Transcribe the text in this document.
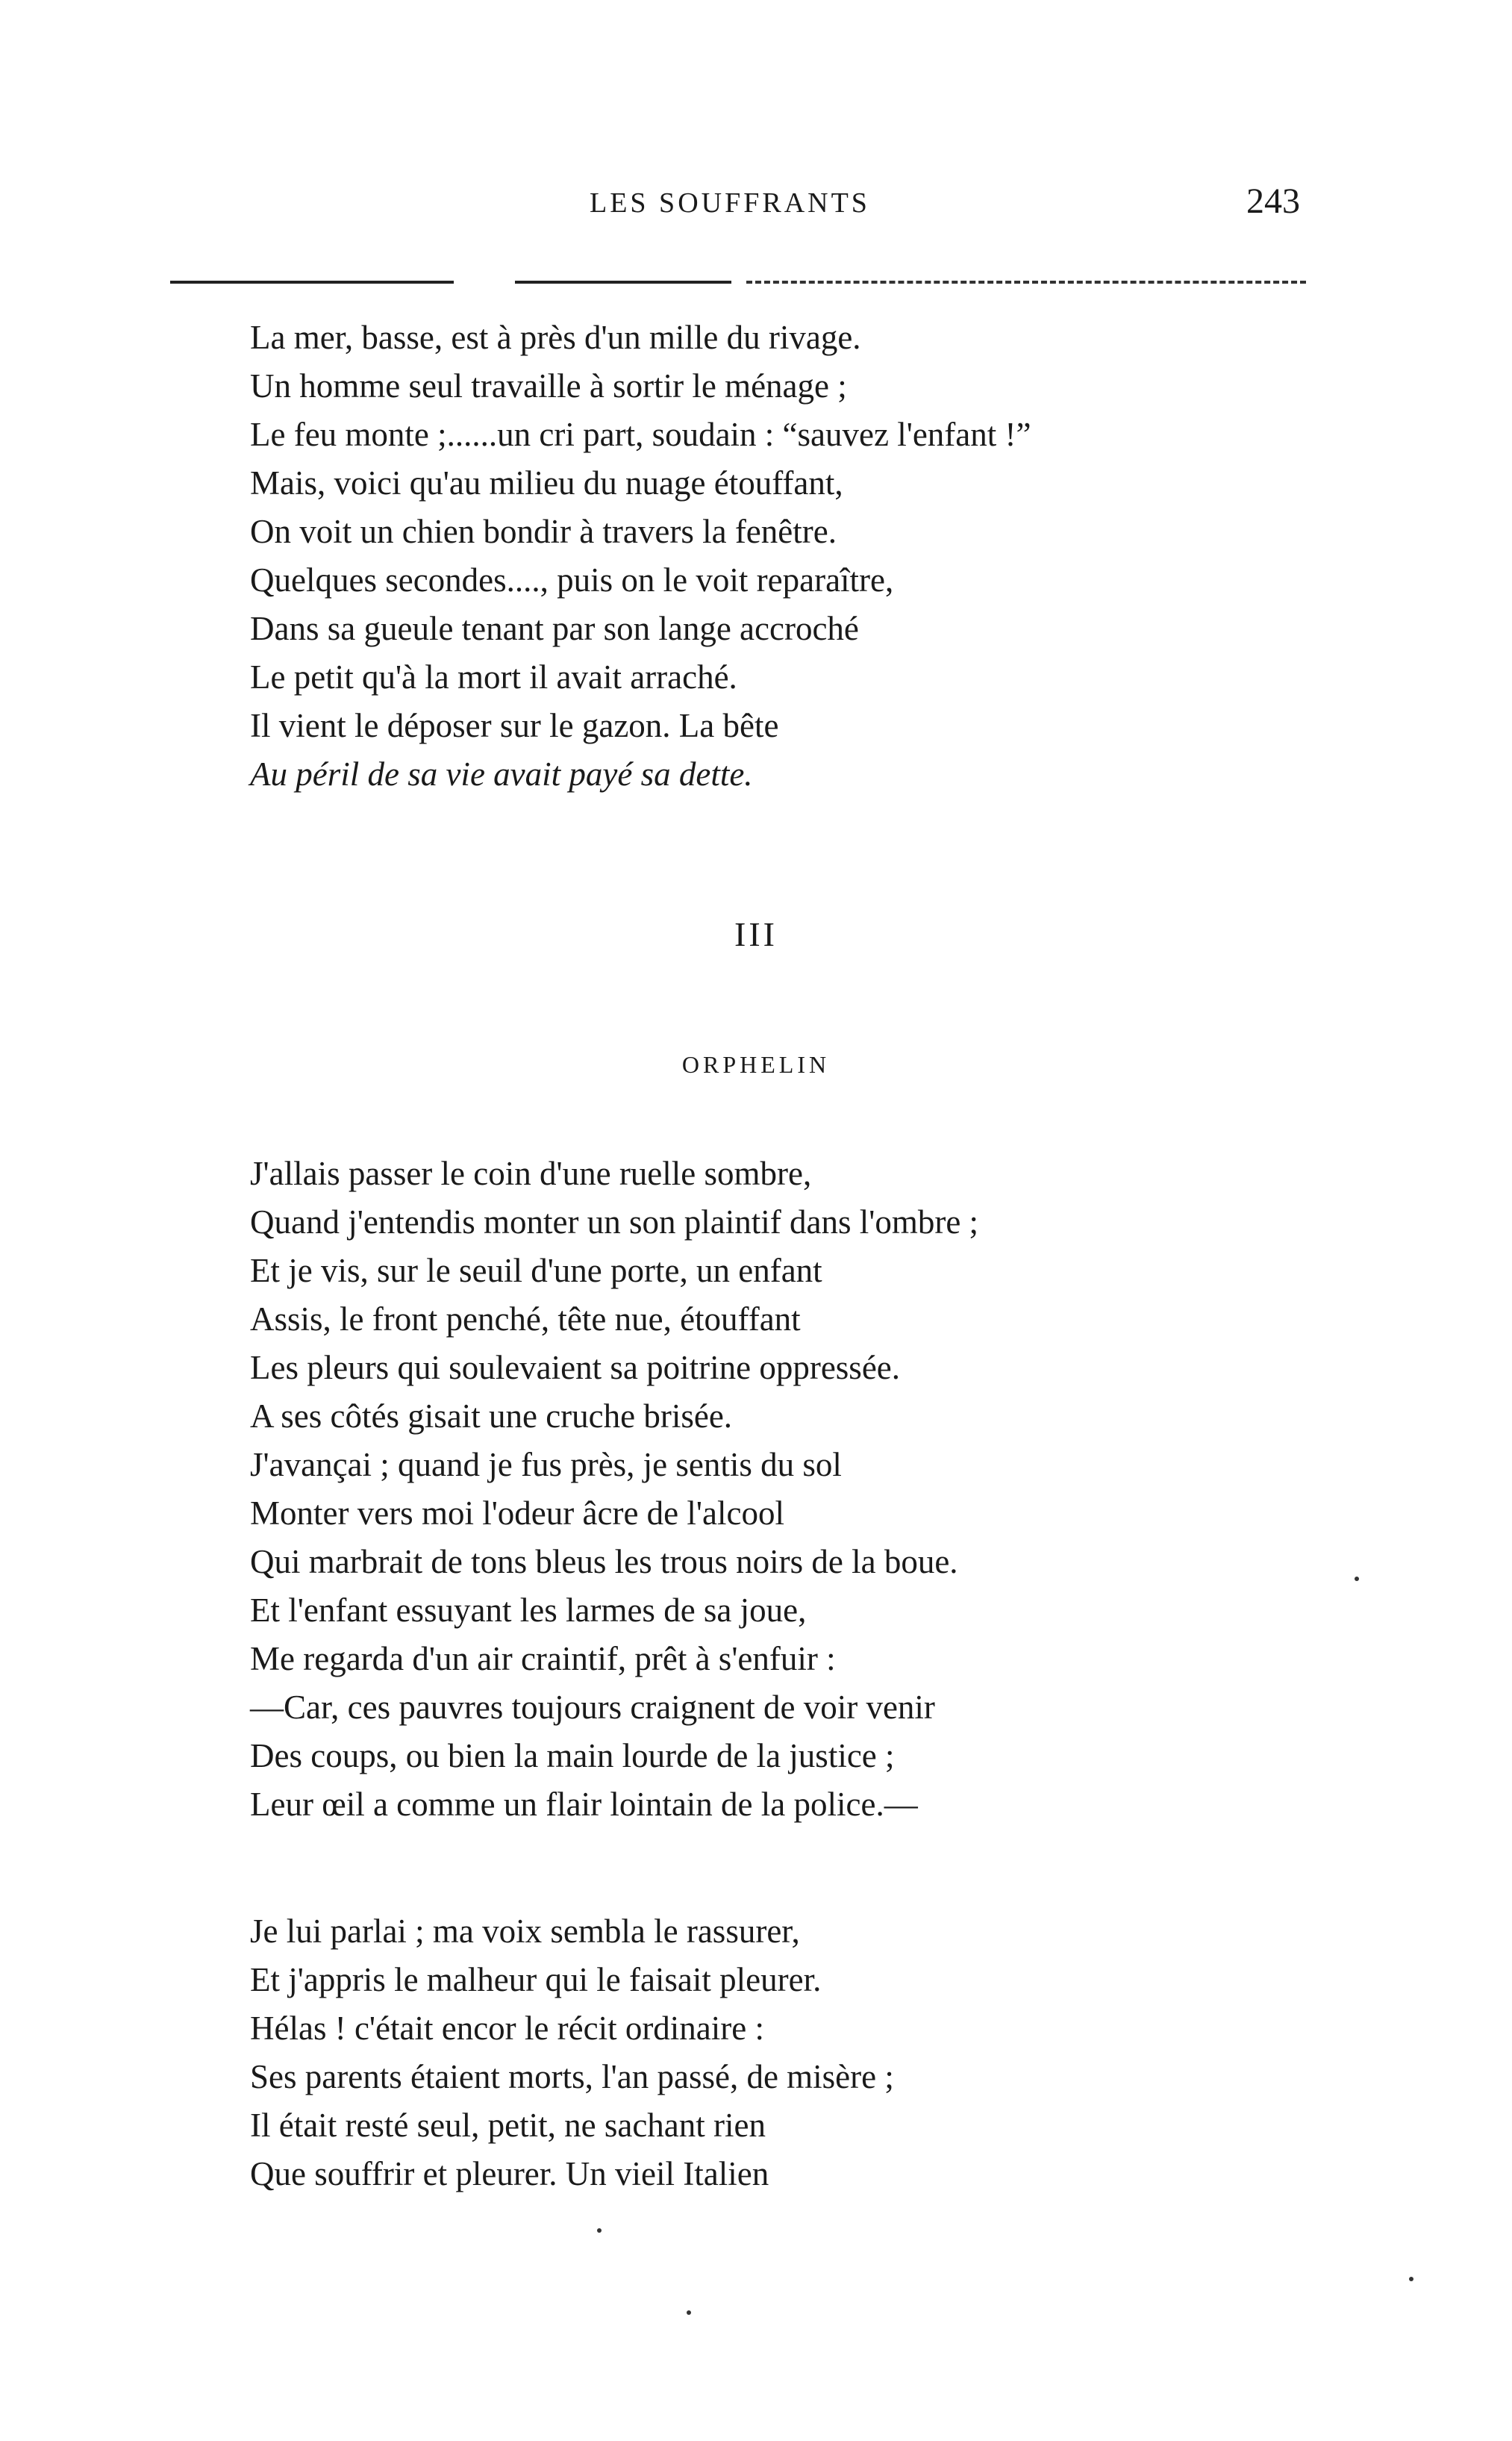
LES SOUFFRANTS	243
La mer, basse, est à près d'un mille du rivage.
Un homme seul travaille à sortir le ménage ;
Le feu monte ;......un cri part, soudain : “sauvez l'enfant !”
Mais, voici qu'au milieu du nuage étouffant,
On voit un chien bondir à travers la fenêtre.
Quelques secondes...., puis on le voit reparaître,
Dans sa gueule tenant par son lange accroché
Le petit qu'à la mort il avait arraché.
Il vient le déposer sur le gazon. La bête
Au péril de sa vie avait payé sa dette.
III
ORPHELIN
J'allais passer le coin d'une ruelle sombre,
Quand j'entendis monter un son plaintif dans l'ombre ;
Et je vis, sur le seuil d'une porte, un enfant
Assis, le front penché, tête nue, étouffant
Les pleurs qui soulevaient sa poitrine oppressée.
A ses côtés gisait une cruche brisée.
J'avançai ; quand je fus près, je sentis du sol
Monter vers moi l'odeur âcre de l'alcool
Qui marbrait de tons bleus les trous noirs de la boue.
Et l'enfant essuyant les larmes de sa joue,
Me regarda d'un air craintif, prêt à s'enfuir :
—Car, ces pauvres toujours craignent de voir venir
Des coups, ou bien la main lourde de la justice ;
Leur œil a comme un flair lointain de la police.—
Je lui parlai ; ma voix sembla le rassurer,
Et j'appris le malheur qui le faisait pleurer.
Hélas ! c'était encor le récit ordinaire :
Ses parents étaient morts, l'an passé, de misère ;
Il était resté seul, petit, ne sachant rien
Que souffrir et pleurer. Un vieil Italien
